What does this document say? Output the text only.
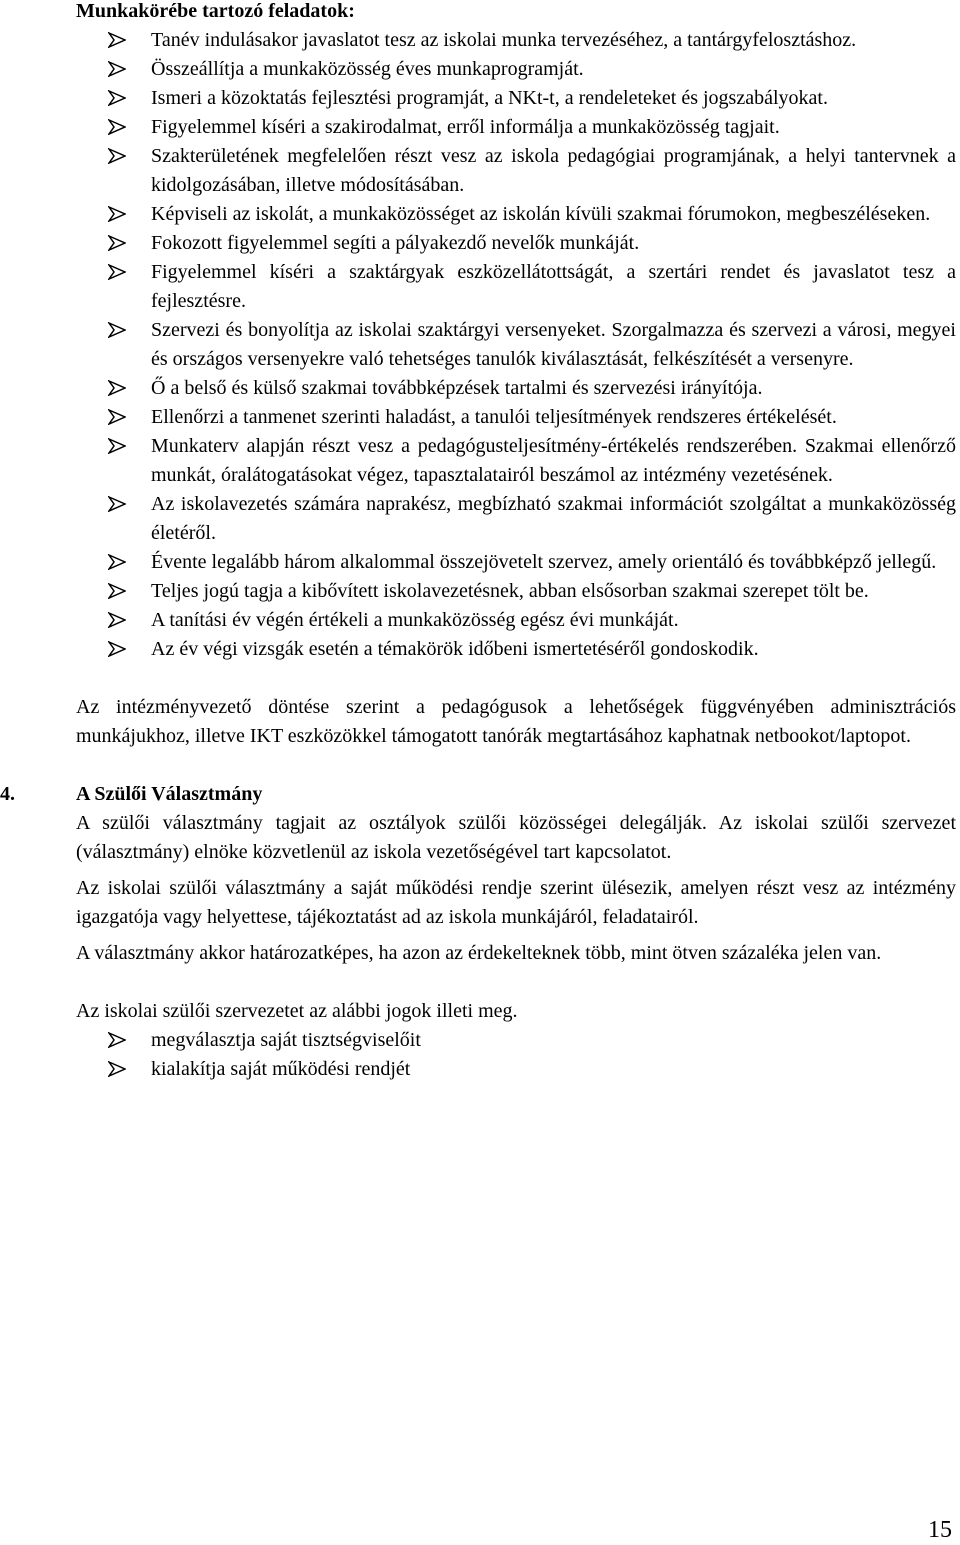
Munkakörébe tartozó feladatok:

Tanév indulásakor javaslatot tesz az iskolai munka tervezéséhez, a tantárgyfelosztáshoz.
Összeállítja a munkaközösség éves munkaprogramját.
Ismeri a közoktatás fejlesztési programját, a NKt-t, a rendeleteket és jogszabályokat.
Figyelemmel kíséri a szakirodalmat, erről informálja a munkaközösség tagjait.
Szakterületének megfelelően részt vesz az iskola pedagógiai programjának, a helyi tantervnek a kidolgozásában, illetve módosításában.
Képviseli az iskolát, a munkaközösséget az iskolán kívüli szakmai fórumokon, megbeszéléseken.
Fokozott figyelemmel segíti a pályakezdő nevelők munkáját.
Figyelemmel kíséri a szaktárgyak eszközellátottságát, a szertári rendet és javaslatot tesz a fejlesztésre.
Szervezi és bonyolítja az iskolai szaktárgyi versenyeket. Szorgalmazza és szervezi a városi, megyei és országos versenyekre való tehetséges tanulók kiválasztását, felkészítését a versenyre.
Ő a belső és külső szakmai továbbképzések tartalmi és szervezési irányítója.
Ellenőrzi a tanmenet szerinti haladást, a tanulói teljesítmények rendszeres értékelését.
Munkaterv alapján részt vesz a pedagógusteljesítmény-értékelés rendszerében. Szakmai ellenőrző munkát, óralátogatásokat végez, tapasztalatairól beszámol az intézmény vezetésének.
Az iskolavezetés számára naprakész, megbízható szakmai információt szolgáltat a munkaközösség életéről.
Évente legalább három alkalommal összejövetelt szervez, amely orientáló és továbbképző jellegű.
Teljes jogú tagja a kibővített iskolavezetésnek, abban elsősorban szakmai szerepet tölt be.
A tanítási év végén értékeli a munkaközösség egész évi munkáját.
Az év végi vizsgák esetén a témakörök időbeni ismertetéséről gondoskodik.

Az intézményvezető döntése szerint a pedagógusok a lehetőségek függvényében adminisztrációs munkájukhoz, illetve IKT eszközökkel támogatott tanórák megtartásához kaphatnak netbookot/laptopot.

4.	A Szülői Választmány

A szülői választmány tagjait az osztályok szülői közösségei delegálják. Az iskolai szülői szervezet (választmány) elnöke közvetlenül az iskola vezetőségével tart kapcsolatot.

Az iskolai szülői választmány a saját működési rendje szerint ülésezik, amelyen részt vesz az intézmény igazgatója vagy helyettese, tájékoztatást ad az iskola munkájáról, feladatairól.

A választmány akkor határozatképes, ha azon az érdekelteknek több, mint ötven százaléka jelen van.

Az iskolai szülői szervezetet az alábbi jogok illeti meg.

megválasztja saját tisztségviselőit
kialakítja saját működési rendjét
15
